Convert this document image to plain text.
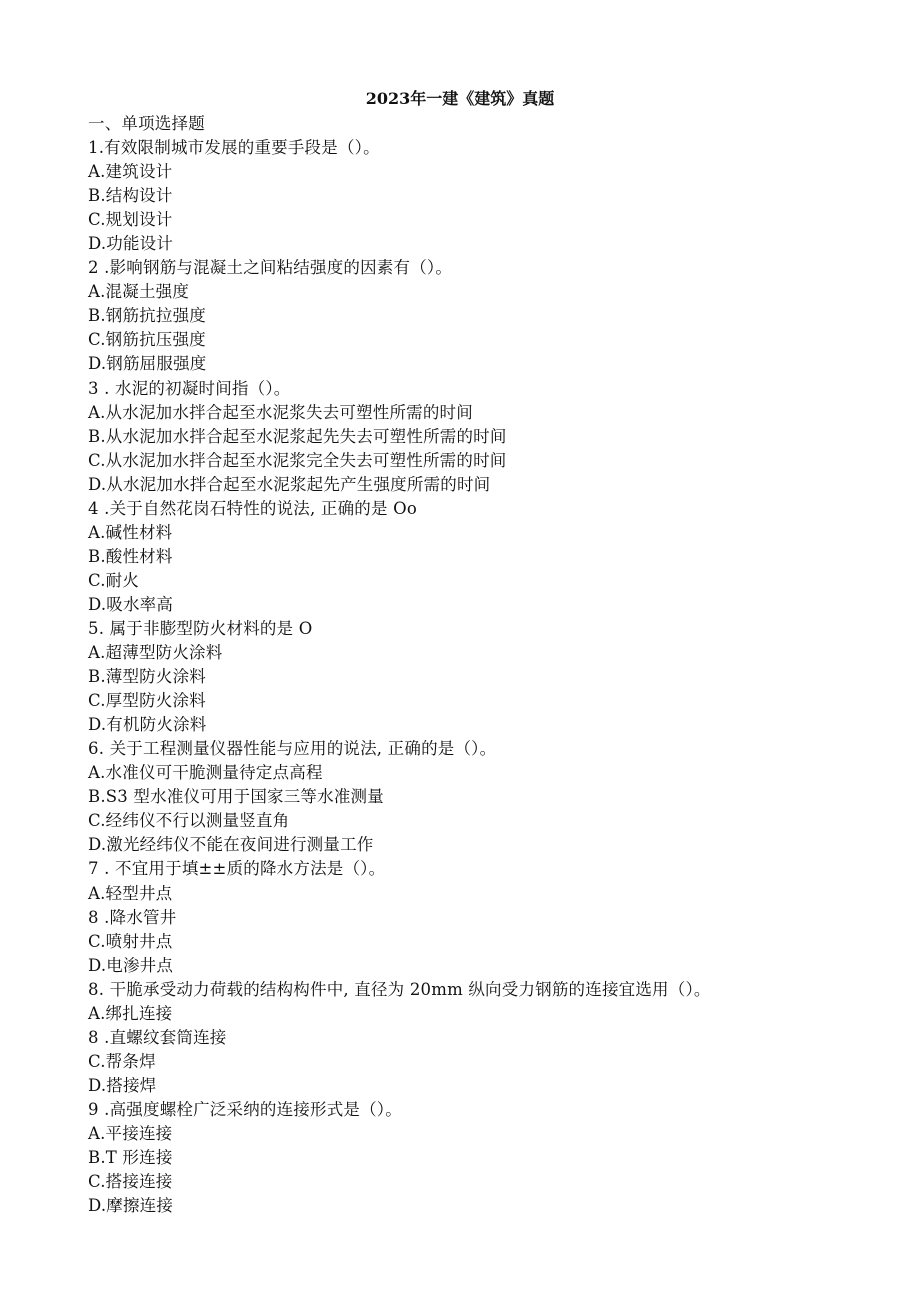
2023年一建《建筑》真题
一、单项选择题
1.有效限制城市发展的重要手段是（）。
A.建筑设计
B.结构设计
C.规划设计
D.功能设计
2 .影响钢筋与混凝土之间粘结强度的因素有（）。
A.混凝土强度
B.钢筋抗拉强度
C.钢筋抗压强度
D.钢筋屈服强度
3 . 水泥的初凝时间指（）。
A.从水泥加水拌合起至水泥浆失去可塑性所需的时间
B.从水泥加水拌合起至水泥浆起先失去可塑性所需的时间
C.从水泥加水拌合起至水泥浆完全失去可塑性所需的时间
D.从水泥加水拌合起至水泥浆起先产生强度所需的时间
4 .关于自然花岗石特性的说法, 正确的是 Oo
A.碱性材料
B.酸性材料
C.耐火
D.吸水率高
5. 属于非膨型防火材料的是 O
A.超薄型防火涂料
B.薄型防火涂料
C.厚型防火涂料
D.有机防火涂料
6. 关于工程测量仪器性能与应用的说法, 正确的是（）。
A.水准仪可干脆测量待定点高程
B.S3 型水准仪可用于国家三等水准测量
C.经纬仪不行以测量竖直角
D.激光经纬仪不能在夜间进行测量工作
7 . 不宜用于填±±质的降水方法是（）。
A.轻型井点
8 .降水管井
C.喷射井点
D.电渗井点
8. 干脆承受动力荷载的结构构件中, 直径为 20mm 纵向受力钢筋的连接宜选用（）。
A.绑扎连接
8 .直螺纹套筒连接
C.帮条焊
D.搭接焊
9 .高强度螺栓广泛采纳的连接形式是（）。
A.平接连接
B.T 形连接
C.搭接连接
D.摩擦连接
